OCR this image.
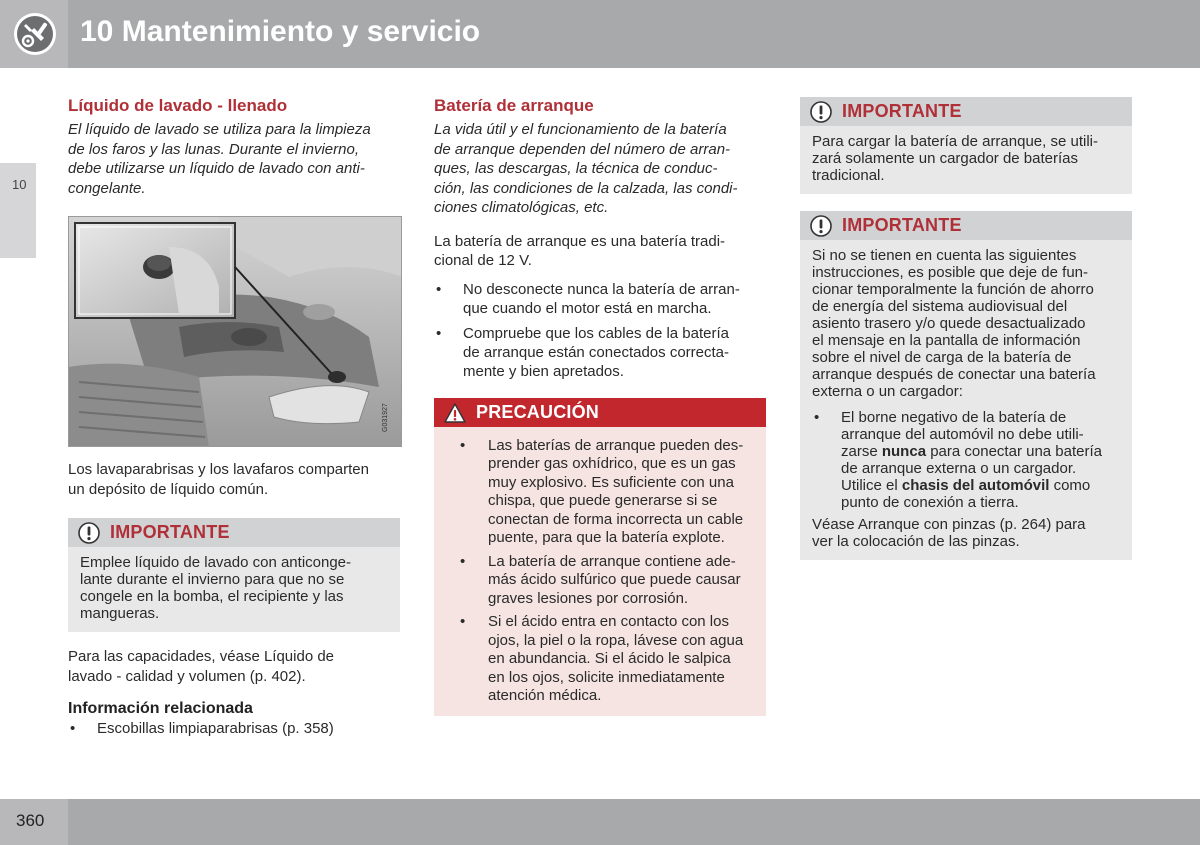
10 Mantenimiento y servicio
10
Líquido de lavado - llenado
El líquido de lavado se utiliza para la limpieza
de los faros y las lunas. Durante el invierno,
debe utilizarse un líquido de lavado con anti-
congelante.
G031927

Los lavaparabrisas y los lavafaros comparten
un depósito de líquido común.

IMPORTANTE
Emplee líquido de lavado con anticonge-
lante durante el invierno para que no se
congele en la bomba, el recipiente y las
mangueras.

Para las capacidades, véase Líquido de
lavado - calidad y volumen (p. 402).

Información relacionada
• Escobillas limpiaparabrisas (p. 358)
Batería de arranque
La vida útil y el funcionamiento de la batería
de arranque dependen del número de arran-
ques, las descargas, la técnica de conduc-
ción, las condiciones de la calzada, las condi-
ciones climatológicas, etc.

La batería de arranque es una batería tradi-
cional de 12 V.

• No desconecte nunca la batería de arran-
que cuando el motor está en marcha.
• Compruebe que los cables de la batería
de arranque están conectados correcta-
mente y bien apretados.
PRECAUCIÓN
• Las baterías de arranque pueden des-
prender gas oxhídrico, que es un gas
muy explosivo. Es suficiente con una
chispa, que puede generarse si se
conectan de forma incorrecta un cable
puente, para que la batería explote.
• La batería de arranque contiene ade-
más ácido sulfúrico que puede causar
graves lesiones por corrosión.
• Si el ácido entra en contacto con los
ojos, la piel o la ropa, lávese con agua
en abundancia. Si el ácido le salpica
en los ojos, solicite inmediatamente
atención médica.
IMPORTANTE
Para cargar la batería de arranque, se utili-
zará solamente un cargador de baterías
tradicional.
IMPORTANTE
Si no se tienen en cuenta las siguientes
instrucciones, es posible que deje de fun-
cionar temporalmente la función de ahorro
de energía del sistema audiovisual del
asiento trasero y/o quede desactualizado
el mensaje en la pantalla de información
sobre el nivel de carga de la batería de
arranque después de conectar una batería
externa o un cargador:
• El borne negativo de la batería de
arranque del automóvil no debe utili-
zarse nunca para conectar una batería
de arranque externa o un cargador.
Utilice el chasis del automóvil como
punto de conexión a tierra.
Véase Arranque con pinzas (p. 264) para
ver la colocación de las pinzas.
360
